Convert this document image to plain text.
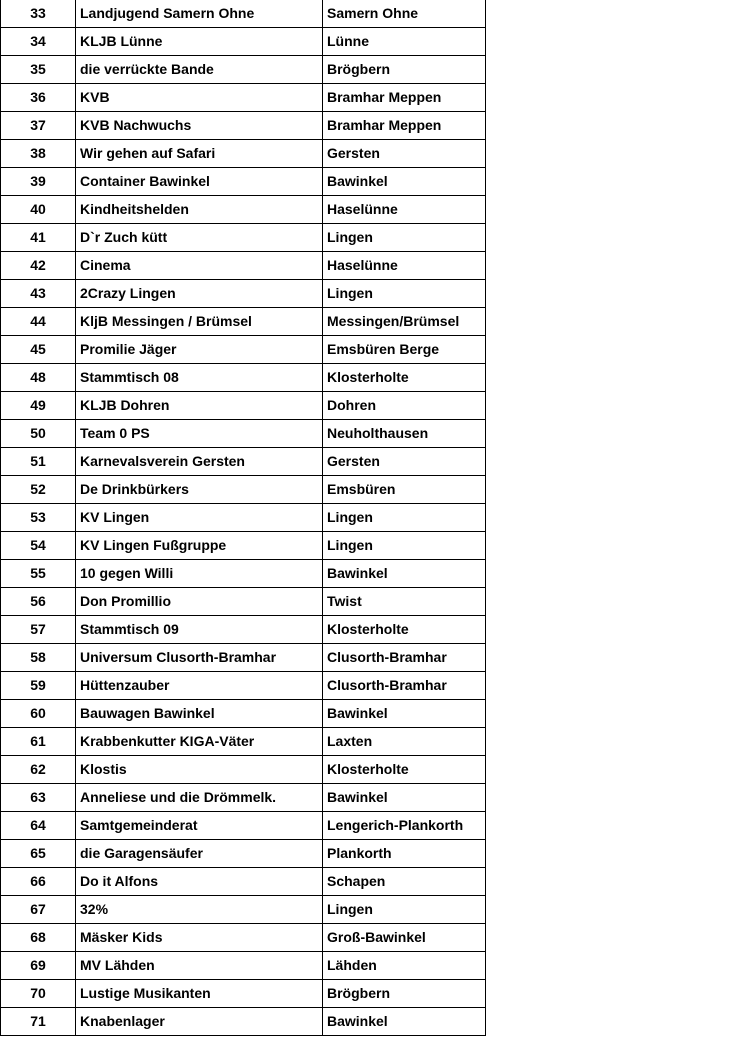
33	Landjugend Samern Ohne	Samern Ohne
34	KLJB Lünne	Lünne
35	die verrückte Bande	Brögbern
36	KVB	Bramhar Meppen
37	KVB Nachwuchs	Bramhar Meppen
38	Wir gehen auf Safari	Gersten
39	Container Bawinkel	Bawinkel
40	Kindheitshelden	Haselünne
41	D`r Zuch kütt	Lingen
42	Cinema	Haselünne
43	2Crazy Lingen	Lingen
44	KljB Messingen / Brümsel	Messingen/Brümsel
45	Promilie Jäger	Emsbüren Berge
48	Stammtisch 08	Klosterholte
49	KLJB Dohren	Dohren
50	Team 0 PS	Neuholthausen
51	Karnevalsverein Gersten	Gersten
52	De Drinkbürkers	Emsbüren
53	KV Lingen	Lingen
54	KV Lingen Fußgruppe	Lingen
55	10 gegen Willi	Bawinkel
56	Don Promillio	Twist
57	Stammtisch 09	Klosterholte
58	Universum Clusorth-Bramhar	Clusorth-Bramhar
59	Hüttenzauber	Clusorth-Bramhar
60	Bauwagen Bawinkel	Bawinkel
61	Krabbenkutter KIGA-Väter	Laxten
62	Klostis	Klosterholte
63	Anneliese und die Drömmelk.	Bawinkel
64	Samtgemeinderat	Lengerich-Plankorth
65	die Garagensäufer	Plankorth
66	Do it Alfons	Schapen
67	32%	Lingen
68	Mäsker Kids	Groß-Bawinkel
69	MV Lähden	Lähden
70	Lustige Musikanten	Brögbern
71	Knabenlager	Bawinkel
